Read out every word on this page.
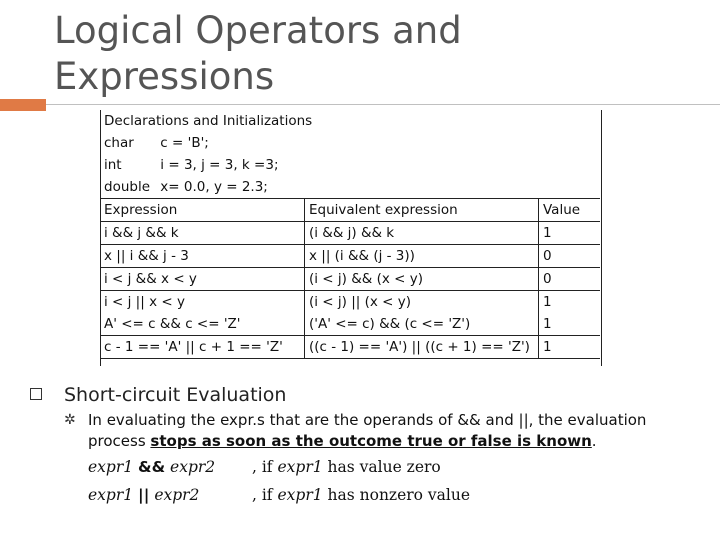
Logical Operators and
Expressions
Declarations and Initializations		
char c = 'B';		
int i = 3, j = 3, k =3;		
double x= 0.0, y = 2.3;		
Expression	Equivalent expression	Value
i && j && k	(i && j) && k	1
x || i && j - 3	x || (i && (j - 3))	0
i < j && x < y	(i < j) && (x < y)	0
i < j || x < y	(i < j) || (x < y)	1
A' <= c && c <= 'Z'	('A' <= c) && (c <= 'Z')	1
c - 1 == 'A' || c + 1 == 'Z'	((c - 1) == 'A') || ((c + 1) == 'Z')	1
Short-circuit Evaluation
✲ In evaluating the expr.s that are the operands of && and ||, the evaluation process stops as soon as the outcome true or false is known.
expr1 && expr2 , if expr1 has value zero
expr1 || expr2	, if expr1 has nonzero value
